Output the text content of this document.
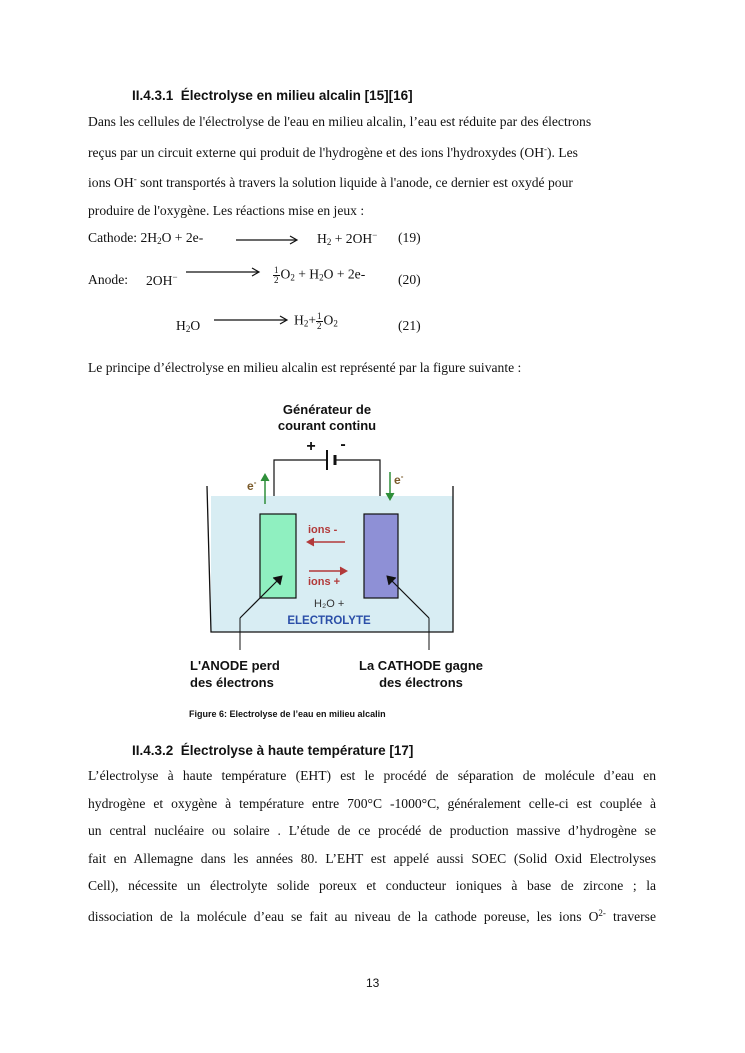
II.4.3.1 Électrolyse en milieu alcalin [15][16]

Dans les cellules de l'électrolyse de l'eau en milieu alcalin, l’eau est réduite par des électrons

reçus par un circuit externe qui produit de l'hydrogène et des ions l'hydroxydes (OH-). Les

ions OH- sont transportés à travers la solution liquide à l'anode, ce dernier est oxydé pour

produire de l'oxygène. Les réactions mise en jeux :

Cathode: $2H_2O + 2e-$	$H_2 + 2OH^-$ (19)
Anode: 2OH−	$\frac{1}{2} O_2 + H_2O + 2e-$ (20)
$H_2O$	$H_2+ \frac{1}{2} O_2$	(21)
Le principe d’électrolyse en milieu alcalin est représenté par la figure suivante :
Générateur de
courant continu
+ -
e-	e-
ions -
ions +
H₂O +
ELECTROLYTE
L'ANODE perd
des électrons
La CATHODE gagne
des électrons
Figure 6: Electrolyse de l’eau en milieu alcalin
II.4.3.2 Électrolyse à haute température [17]

L’électrolyse à haute température (EHT) est le procédé de séparation de molécule d’eau en

hydrogène et oxygène à température entre 700°C -1000°C, généralement celle-ci est couplée à

un central nucléaire ou solaire . L’étude de ce procédé de production massive d’hydrogène se

fait en Allemagne dans les années 80. L’EHT est appelé aussi SOEC (Solid Oxid Electrolyses

Cell), nécessite un électrolyte solide poreux et conducteur ioniques à base de zircone ; la

dissociation de la molécule d’eau se fait au niveau de la cathode poreuse, les ions $O^{2-}$ traverse

13
